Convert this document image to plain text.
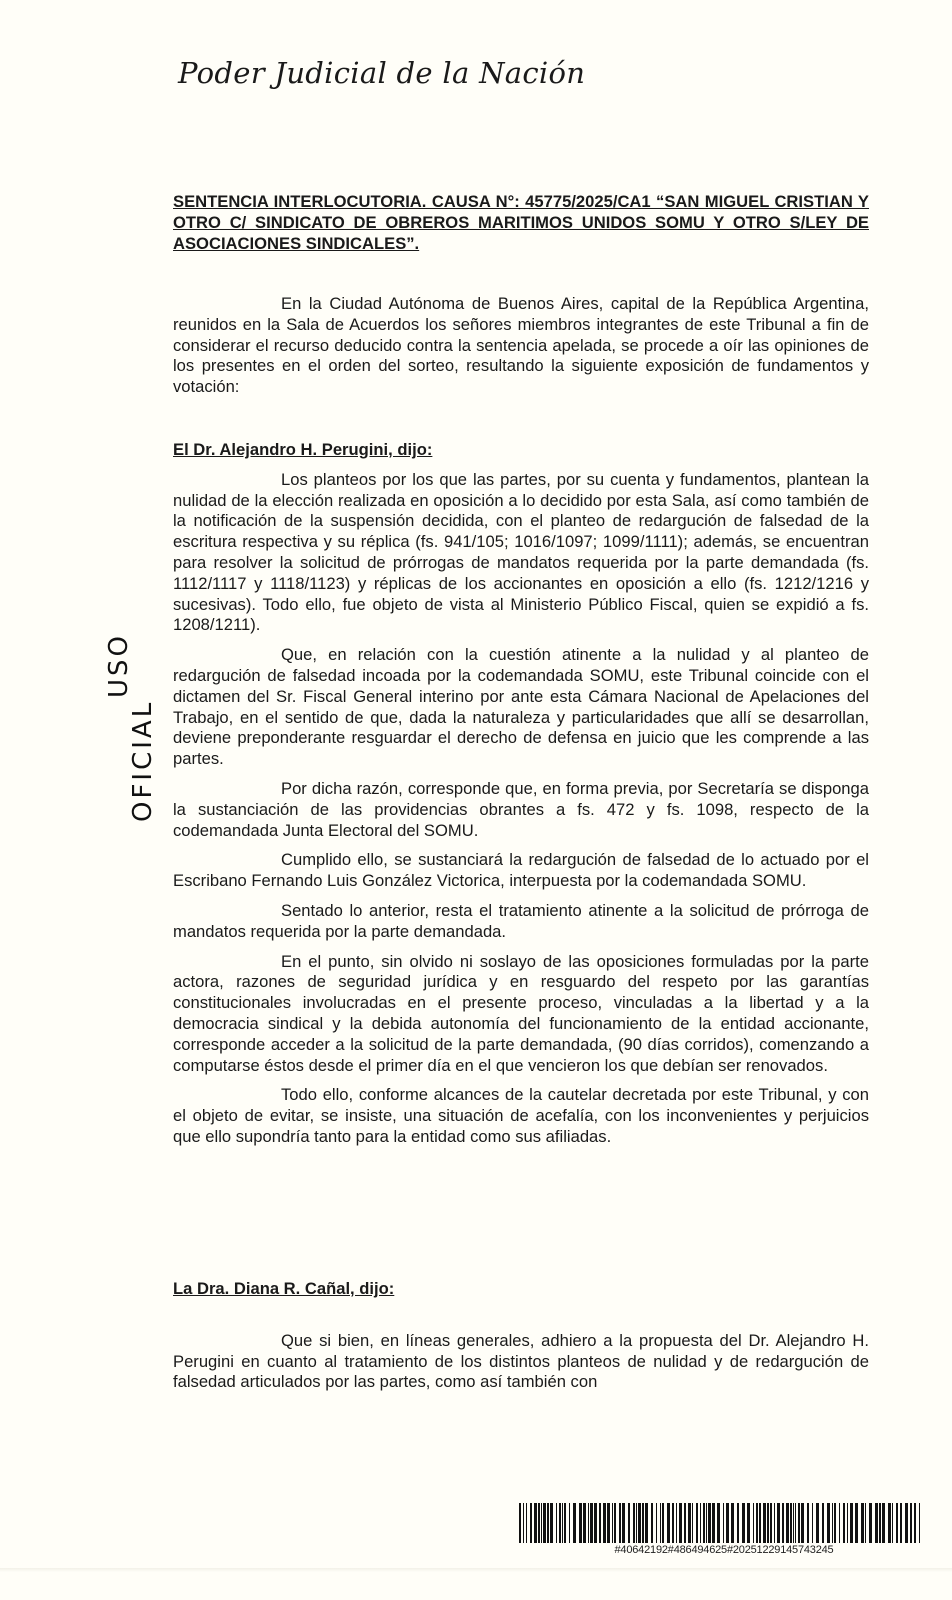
Poder Judicial de la Nación
USO
OFICIAL
SENTENCIA INTERLOCUTORIA. CAUSA N°: 45775/2025/CA1 “SAN MIGUEL CRISTIAN Y OTRO C/ SINDICATO DE OBREROS MARITIMOS UNIDOS SOMU Y OTRO S/LEY DE ASOCIACIONES SINDICALES”.

En la Ciudad Autónoma de Buenos Aires, capital de la República Argentina, reunidos en la Sala de Acuerdos los señores miembros integrantes de este Tribunal a fin de considerar el recurso deducido contra la sentencia apelada, se procede a oír las opiniones de los presentes en el orden del sorteo, resultando la siguiente exposición de fundamentos y votación:

El Dr. Alejandro H. Perugini, dijo:

Los planteos por los que las partes, por su cuenta y fundamentos, plantean la nulidad de la elección realizada en oposición a lo decidido por esta Sala, así como también de la notificación de la suspensión decidida, con el planteo de redargución de falsedad de la escritura respectiva y su réplica (fs. 941/105; 1016/1097; 1099/1111); además, se encuentran para resolver la solicitud de prórrogas de mandatos requerida por la parte demandada (fs. 1112/1117 y 1118/1123) y réplicas de los accionantes en oposición a ello (fs. 1212/1216 y sucesivas). Todo ello, fue objeto de vista al Ministerio Público Fiscal, quien se expidió a fs. 1208/1211).

Que, en relación con la cuestión atinente a la nulidad y al planteo de redargución de falsedad incoada por la codemandada SOMU, este Tribunal coincide con el dictamen del Sr. Fiscal General interino por ante esta Cámara Nacional de Apelaciones del Trabajo, en el sentido de que, dada la naturaleza y particularidades que allí se desarrollan, deviene preponderante resguardar el derecho de defensa en juicio que les comprende a las partes.

Por dicha razón, corresponde que, en forma previa, por Secretaría se disponga la sustanciación de las providencias obrantes a fs. 472 y fs. 1098, respecto de la codemandada Junta Electoral del SOMU.

Cumplido ello, se sustanciará la redargución de falsedad de lo actuado por el Escribano Fernando Luis González Victorica, interpuesta por la codemandada SOMU.

Sentado lo anterior, resta el tratamiento atinente a la solicitud de prórroga de mandatos requerida por la parte demandada.

En el punto, sin olvido ni soslayo de las oposiciones formuladas por la parte actora, razones de seguridad jurídica y en resguardo del respeto por las garantías constitucionales involucradas en el presente proceso, vinculadas a la libertad y a la democracia sindical y la debida autonomía del funcionamiento de la entidad accionante, corresponde acceder a la solicitud de la parte demandada, (90 días corridos), comenzando a computarse éstos desde el primer día en el que vencieron los que debían ser renovados.

Todo ello, conforme alcances de la cautelar decretada por este Tribunal, y con el objeto de evitar, se insiste, una situación de acefalía, con los inconvenientes y perjuicios que ello supondría tanto para la entidad como sus afiliadas.

La Dra. Diana R. Cañal, dijo:

Que si bien, en líneas generales, adhiero a la propuesta del Dr. Alejandro H. Perugini en cuanto al tratamiento de los distintos planteos de nulidad y de redargución de falsedad articulados por las partes, como así también con

#40642192#486494625#20251229145743245
